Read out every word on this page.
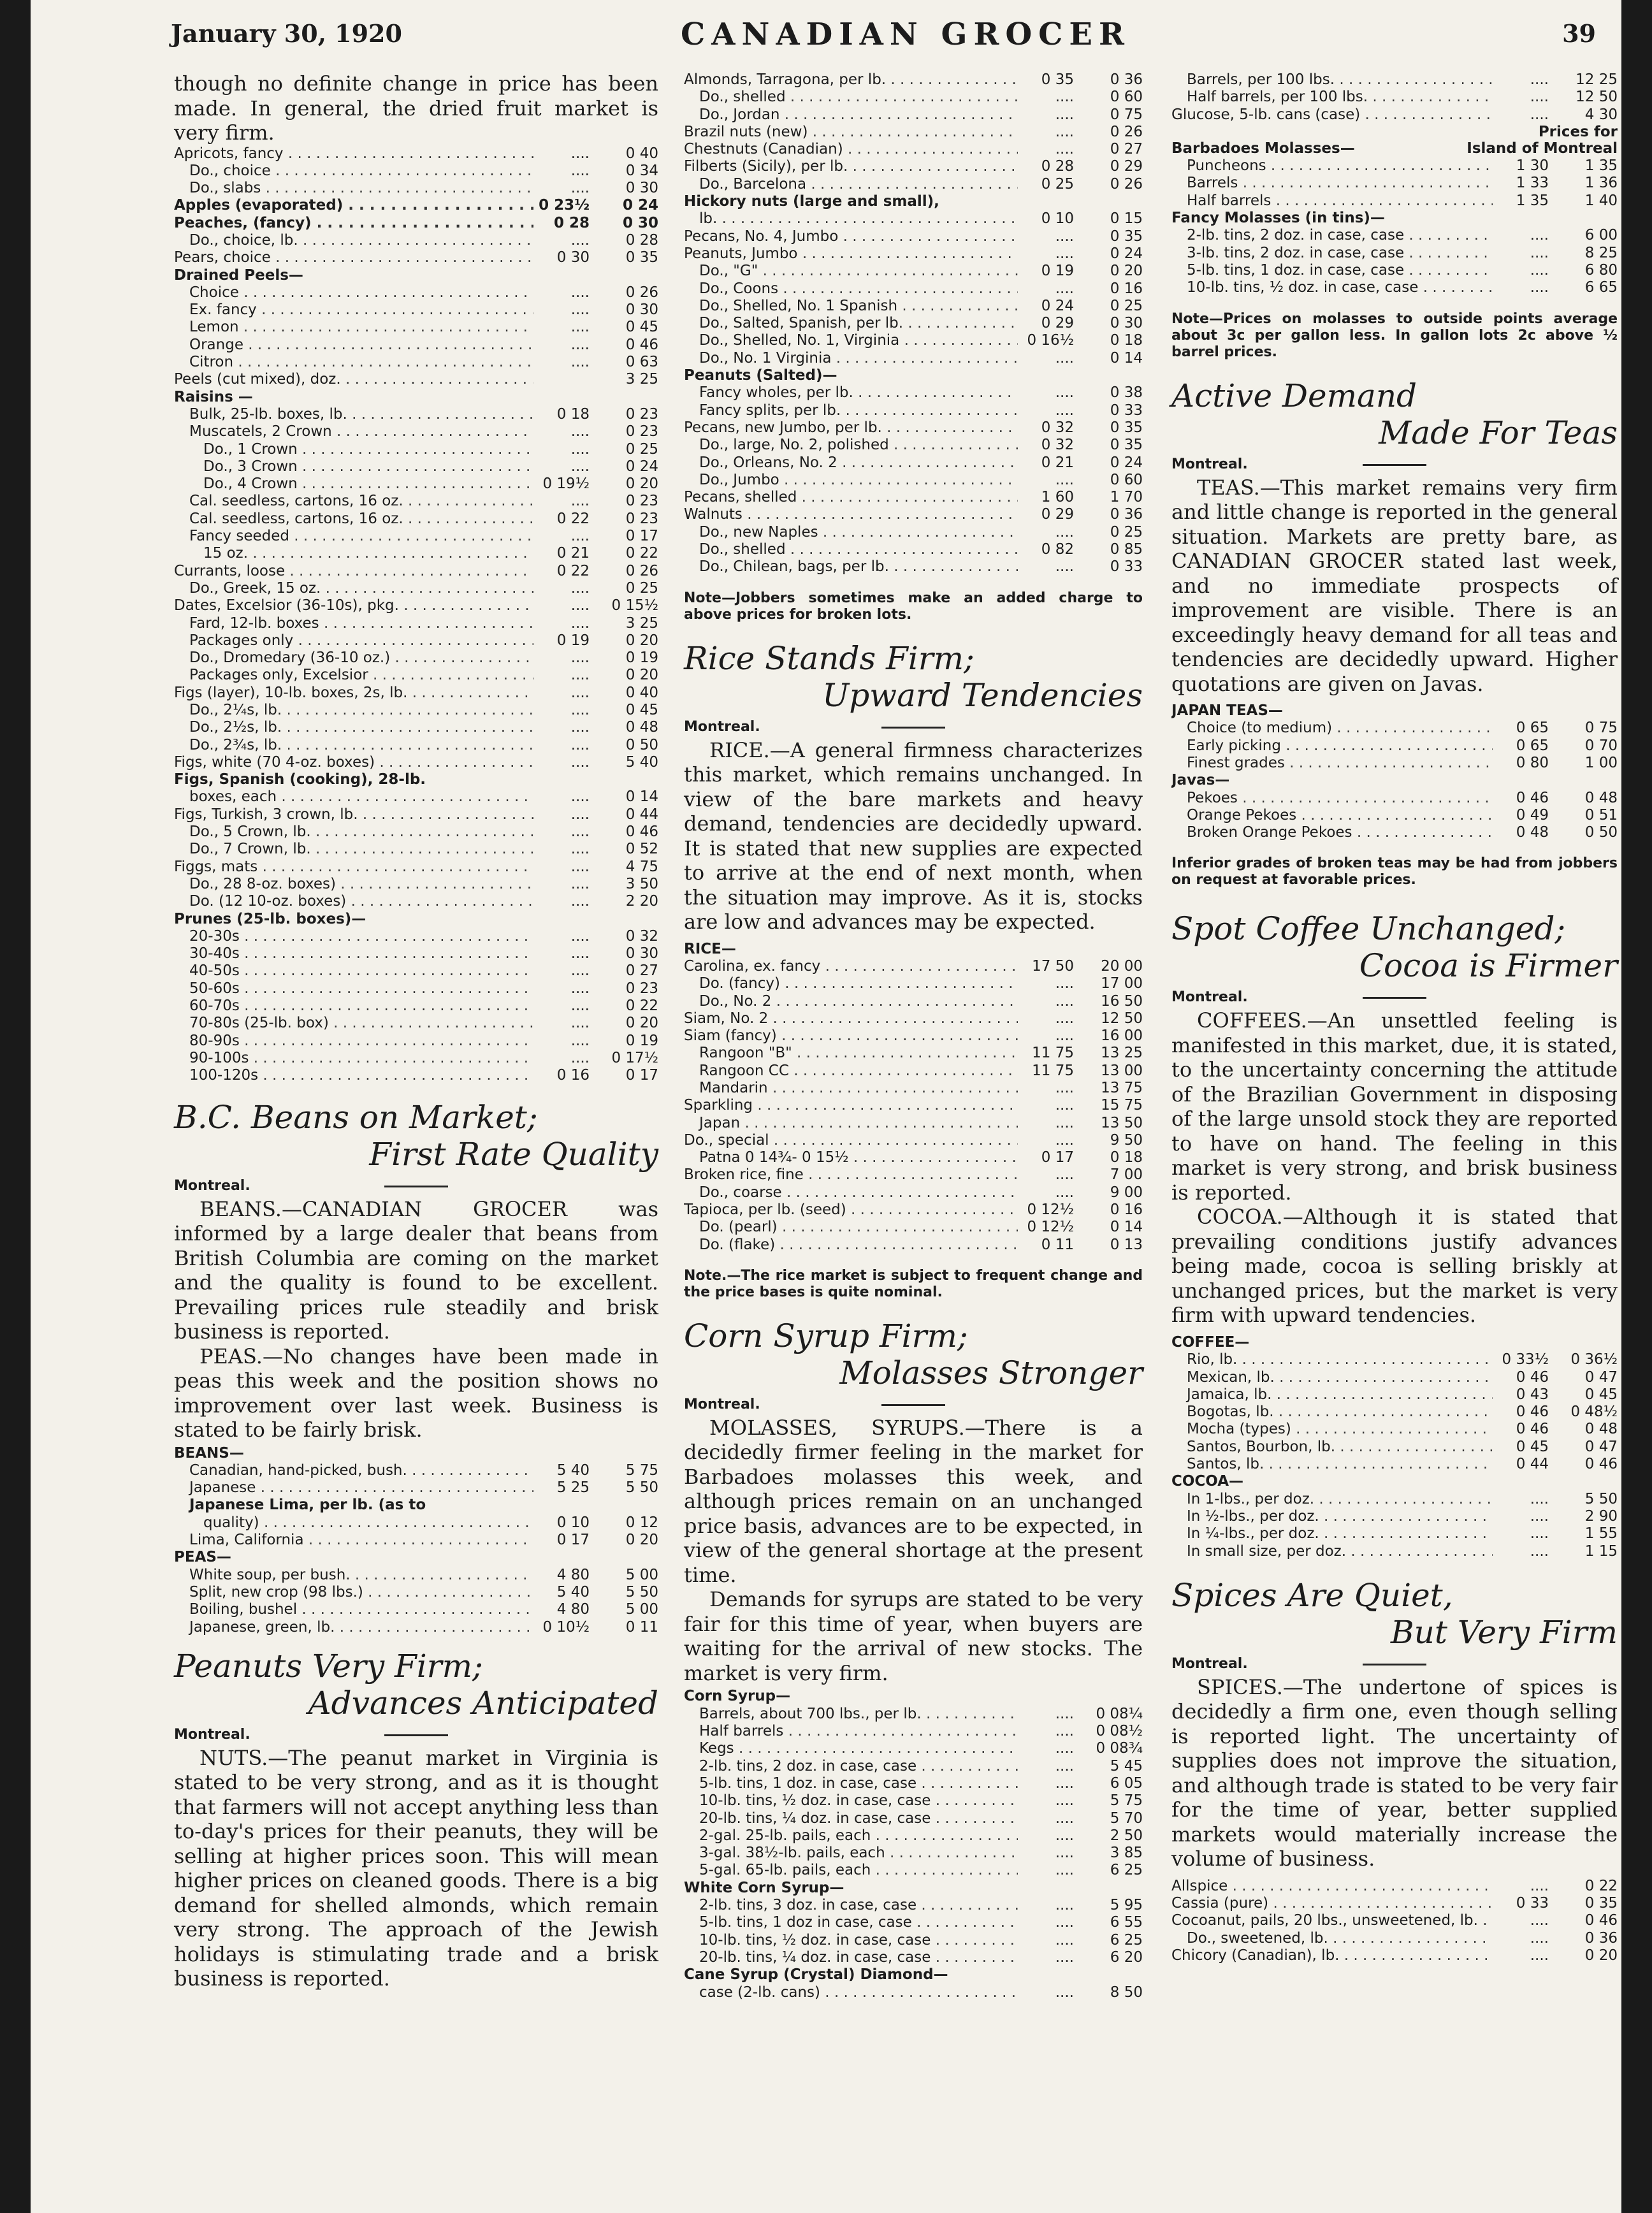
January 30, 1920	CANADIAN GROCER	39

though no definite change in price has been made. In general, the dried fruit market is very firm.

Apricots, fancy . . .	....	0 40
Do., choice . . .	....	0 34
Do., slabs . . .	....	0 30
Apples (evaporated) . . .	0 23½	0 24
Peaches, (fancy) . . .	0 28	0 30
Do., choice, lb. . . .	....	0 28
Pears, choice . . .	0 30	0 35
Drained Peels—
Choice . . .	....	0 26
Ex. fancy . . .	....	0 30
Lemon . . .	....	0 45
Orange . . .	....	0 46
Citron . . .	....	0 63
Peels (cut mixed), doz. . . .	3 25
Raisins —
Bulk, 25-lb. boxes, lb. . . .	0 18	0 23
Muscatels, 2 Crown . . .	....	0 23
Do., 1 Crown . . .	....	0 25
Do., 3 Crown . . .	....	0 24
Do., 4 Crown . . .	0 19½	0 20
Cal. seedless, cartons, 16 oz. . . .	....	0 23
Cal. seedless, cartons, 16 oz. . . .	0 22	0 23
Fancy seeded . . .	....	0 17
15 oz. . . .	0 21	0 22
Currants, loose . . .	0 22	0 26
Do., Greek, 15 oz. . . .	....	0 25
Dates, Excelsior (36-10s), pkg. . . .	....	0 15½
Fard, 12-lb. boxes . . .	....	3 25
Packages only . . .	0 19	0 20
Do., Dromedary (36-10 oz.) . . .	....	0 19
Packages only, Excelsior . . .	....	0 20
Figs (layer), 10-lb. boxes, 2s, lb. . . .	....	0 40
Do., 2¼s, lb. . . .	....	0 45
Do., 2½s, lb. . . .	....	0 48
Do., 2¾s, lb. . . .	....	0 50
Figs, white (70 4-oz. boxes) . . .	....	5 40
Figs, Spanish (cooking), 28-lb.
boxes, each . . .	....	0 14
Figs, Turkish, 3 crown, lb. . . .	....	0 44
Do., 5 Crown, lb. . . .	....	0 46
Do., 7 Crown, lb. . . .	....	0 52
Figgs, mats . . .	....	4 75
Do., 28 8-oz. boxes) . . .	....	3 50
Do. (12 10-oz. boxes) . . .	....	2 20
Prunes (25-lb. boxes)—
20-30s . . .	....	0 32
30-40s . . .	....	0 30
40-50s . . .	....	0 27
50-60s . . .	....	0 23
60-70s . . .	....	0 22
70-80s (25-lb. box) . . .	....	0 20
80-90s . . .	....	0 19
90-100s . . .	....	0 17½
100-120s . . .	0 16	0 17

B.C. Beans on Market;

First Rate Quality

Montreal.

BEANS.—CANADIAN GROCER was informed by a large dealer that beans from British Columbia are coming on the market and the quality is found to be excellent. Prevailing prices rule steadily and brisk business is reported.

PEAS.—No changes have been made in peas this week and the position shows no improvement over last week. Business is stated to be fairly brisk.

BEANS—
Canadian, hand-picked, bush. . . .	5 40	5 75
Japanese . . .	5 25	5 50
Japanese Lima, per lb. (as to
quality) . . .	0 10	0 12
Lima, California . . .	0 17	0 20
PEAS—
White soup, per bush. . . .	4 80	5 00
Split, new crop (98 lbs.) . . .	5 40	5 50
Boiling, bushel . . .	4 80	5 00
Japanese, green, lb. . . .	0 10½	0 11

Peanuts Very Firm;

Advances Anticipated

Montreal.

NUTS.—The peanut market in Virginia is stated to be very strong, and as it is thought that farmers will not accept anything less than to-day's prices for their peanuts, they will be selling at higher prices soon. This will mean higher prices on cleaned goods. There is a big demand for shelled almonds, which remain very strong. The approach of the Jewish holidays is stimulating trade and a brisk business is reported.

Almonds, Tarragona, per lb. . . .	0 35	0 36
Do., shelled . . .	....	0 60
Do., Jordan . . .	....	0 75
Brazil nuts (new) . . .	....	0 26
Chestnuts (Canadian) . . .	....	0 27
Filberts (Sicily), per lb. . . .	0 28	0 29
Do., Barcelona . . .	0 25	0 26
Hickory nuts (large and small),
lb. . . .	0 10	0 15
Pecans, No. 4, Jumbo . . .	....	0 35
Peanuts, Jumbo . . .	....	0 24
Do., "G" . . .	0 19	0 20
Do., Coons . . .	....	0 16
Do., Shelled, No. 1 Spanish . . .	0 24	0 25
Do., Salted, Spanish, per lb. . . .	0 29	0 30
Do., Shelled, No. 1, Virginia . . .	0 16½	0 18
Do., No. 1 Virginia . . .	....	0 14
Peanuts (Salted)—
Fancy wholes, per lb. . . .	....	0 38
Fancy splits, per lb. . . .	....	0 33
Pecans, new Jumbo, per lb. . . .	0 32	0 35
Do., large, No. 2, polished . . .	0 32	0 35
Do., Orleans, No. 2 . . .	0 21	0 24
Do., Jumbo . . .	....	0 60
Pecans, shelled . . .	1 60	1 70
Walnuts . . .	0 29	0 36
Do., new Naples . . .	....	0 25
Do., shelled . . .	0 82	0 85
Do., Chilean, bags, per lb. . . .	....	0 33

Note—Jobbers sometimes make an added charge to above prices for broken lots.

Rice Stands Firm;

Upward Tendencies

Montreal.

RICE.—A general firmness characterizes this market, which remains unchanged. In view of the bare markets and heavy demand, tendencies are decidedly upward. It is stated that new supplies are expected to arrive at the end of next month, when the situation may improve. As it is, stocks are low and advances may be expected.

RICE—
Carolina, ex. fancy . . .	17 50	20 00
Do. (fancy) . . .	....	17 00
Do., No. 2 . . .	....	16 50
Siam, No. 2 . . .	....	12 50
Siam (fancy) . . .	....	16 00
Rangoon "B" . . .	11 75	13 25
Rangoon CC . . .	11 75	13 00
Mandarin . . .	....	13 75
Sparkling . . .	....	15 75
Japan . . .	....	13 50
Do., special . . .	....	9 50
Patna 0 14¾- 0 15½ . . .	0 17	0 18
Broken rice, fine . . .	....	7 00
Do., coarse . . .	....	9 00
Tapioca, per lb. (seed) . . .	0 12½	0 16
Do. (pearl) . . .	0 12½	0 14
Do. (flake) . . .	0 11	0 13

Note.—The rice market is subject to frequent change and the price bases is quite nominal.

Corn Syrup Firm;

Molasses Stronger

Montreal.

MOLASSES, SYRUPS.—There is a decidedly firmer feeling in the market for Barbadoes molasses this week, and although prices remain on an unchanged price basis, advances are to be expected, in view of the general shortage at the present time.

Demands for syrups are stated to be very fair for this time of year, when buyers are waiting for the arrival of new stocks. The market is very firm.

Corn Syrup—
Barrels, about 700 lbs., per lb. . . .	....	0 08¼
Half barrels . . .	....	0 08½
Kegs . . .	....	0 08¾
2-lb. tins, 2 doz. in case, case . . .	....	5 45
5-lb. tins, 1 doz. in case, case . . .	....	6 05
10-lb. tins, ½ doz. in case, case . . .	....	5 75
20-lb. tins, ¼ doz. in case, case . . .	....	5 70
2-gal. 25-lb. pails, each . . .	....	2 50
3-gal. 38½-lb. pails, each . . .	....	3 85
5-gal. 65-lb. pails, each . . .	....	6 25
White Corn Syrup—
2-lb. tins, 3 doz. in case, case . . .	....	5 95
5-lb. tins, 1 doz in case, case . . .	....	6 55
10-lb. tins, ½ doz. in case, case . . .	....	6 25
20-lb. tins, ¼ doz. in case, case . . .	....	6 20
Cane Syrup (Crystal) Diamond—
case (2-lb. cans) . . .	....	8 50
Barrels, per 100 lbs. . . .	....	12 25
Half barrels, per 100 lbs. . . .	....	12 50
Glucose, 5-lb. cans (case) . . .	....	4 30
Prices for
Barbadoes Molasses—	Island of Montreal
Puncheons . . .	1 30	1 35
Barrels . . .	1 33	1 36
Half barrels . . .	1 35	1 40
Fancy Molasses (in tins)—
2-lb. tins, 2 doz. in case, case . . .	....	6 00
3-lb. tins, 2 doz. in case, case . . .	....	8 25
5-lb. tins, 1 doz. in case, case . . .	....	6 80
10-lb. tins, ½ doz. in case, case . . .	....	6 65

Note—Prices on molasses to outside points average about 3c per gallon less. In gallon lots 2c above ½ barrel prices.

Active Demand

Made For Teas

Montreal.

TEAS.—This market remains very firm and little change is reported in the general situation. Markets are pretty bare, as CANADIAN GROCER stated last week, and no immediate prospects of improvement are visible. There is an exceedingly heavy demand for all teas and tendencies are decidedly upward. Higher quotations are given on Javas.

JAPAN TEAS—
Choice (to medium) . . .	0 65	0 75
Early picking . . .	0 65	0 70
Finest grades . . .	0 80	1 00
Javas—
Pekoes . . .	0 46	0 48
Orange Pekoes . . .	0 49	0 51
Broken Orange Pekoes . . .	0 48	0 50

Inferior grades of broken teas may be had from jobbers on request at favorable prices.

Spot Coffee Unchanged;

Cocoa is Firmer

Montreal.

COFFEES.—An unsettled feeling is manifested in this market, due, it is stated, to the uncertainty concerning the attitude of the Brazilian Government in disposing of the large unsold stock they are reported to have on hand. The feeling in this market is very strong, and brisk business is reported.

COCOA.—Although it is stated that prevailing conditions justify advances being made, cocoa is selling briskly at unchanged prices, but the market is very firm with upward tendencies.

COFFEE—
Rio, lb. . . .	0 33½	0 36½
Mexican, lb. . . .	0 46	0 47
Jamaica, lb. . . .	0 43	0 45
Bogotas, lb. . . .	0 46	0 48½
Mocha (types) . . .	0 46	0 48
Santos, Bourbon, lb. . . .	0 45	0 47
Santos, lb. . . .	0 44	0 46
COCOA—
In 1-lbs., per doz. . . .	....	5 50
In ½-lbs., per doz. . . .	....	2 90
In ¼-lbs., per doz. . . .	....	1 55
In small size, per doz. . . .	....	1 15

Spices Are Quiet,

But Very Firm

Montreal.

SPICES.—The undertone of spices is decidedly a firm one, even though selling is reported light. The uncertainty of supplies does not improve the situation, and although trade is stated to be very fair for the time of year, better supplied markets would materially increase the volume of business.

Allspice . . .	....	0 22
Cassia (pure) . . .	0 33	0 35
Cocoanut, pails, 20 lbs., unsweetened, lb. . . .	....	0 46
Do., sweetened, lb. . . .	....	0 36
Chicory (Canadian), lb. . . .	....	0 20
